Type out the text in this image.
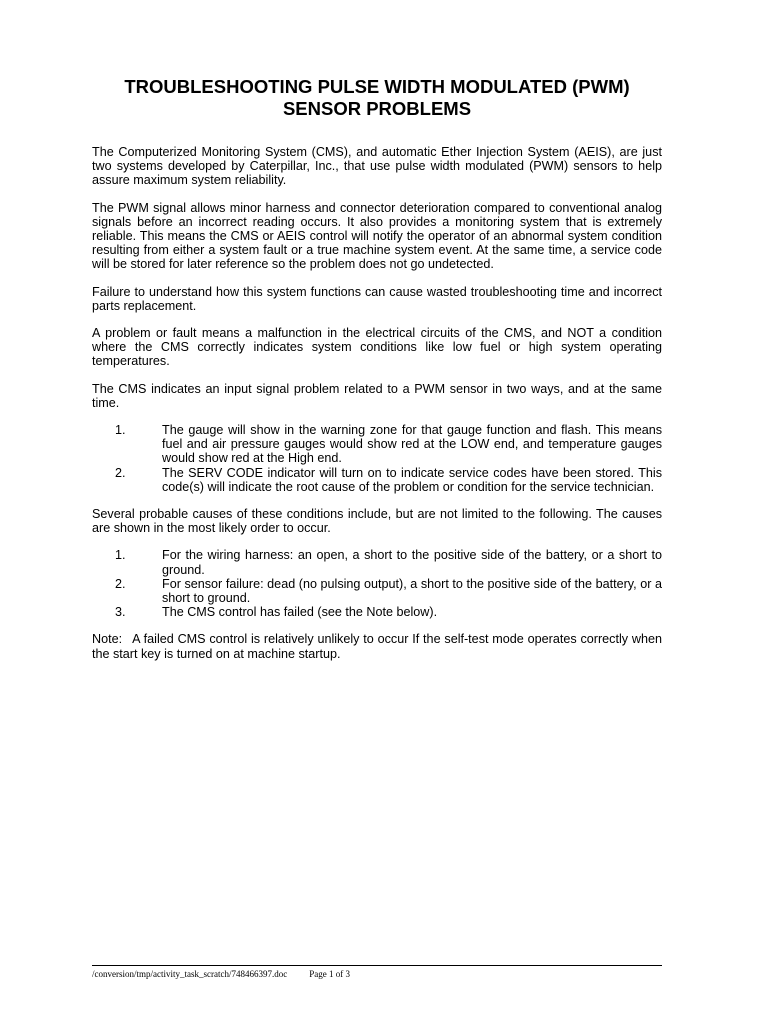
TROUBLESHOOTING PULSE WIDTH MODULATED (PWM)
SENSOR PROBLEMS

The Computerized Monitoring System (CMS), and automatic Ether Injection System (AEIS), are just two systems developed by Caterpillar, Inc., that use pulse width modulated (PWM) sensors to help assure maximum system reliability.

The PWM signal allows minor harness and connector deterioration compared to conventional analog signals before an incorrect reading occurs. It also provides a monitoring system that is extremely reliable. This means the CMS or AEIS control will notify the operator of an abnormal system condition resulting from either a system fault or a true machine system event. At the same time, a service code will be stored for later reference so the problem does not go undetected.

Failure to understand how this system functions can cause wasted troubleshooting time and incorrect parts replacement.

A problem or fault means a malfunction in the electrical circuits of the CMS, and NOT a condition where the CMS correctly indicates system conditions like low fuel or high system operating temperatures.

The CMS indicates an input signal problem related to a PWM sensor in two ways, and at the same time.

1.	The gauge will show in the warning zone for that gauge function and flash. This means fuel and air pressure gauges would show red at the LOW end, and temperature gauges would show red at the High end.
2.	The SERV CODE indicator will turn on to indicate service codes have been stored. This code(s) will indicate the root cause of the problem or condition for the service technician.

Several probable causes of these conditions include, but are not limited to the following. The causes are shown in the most likely order to occur.

1.	For the wiring harness: an open, a short to the positive side of the battery, or a short to ground.
2.	For sensor failure: dead (no pulsing output), a short to the positive side of the battery, or a short to ground.
3.	The CMS control has failed (see the Note below).

Note: A failed CMS control is relatively unlikely to occur If the self-test mode operates correctly when the start key is turned on at machine startup.

/conversion/tmp/activity_task_scratch/748466397.doc Page 1 of 3
